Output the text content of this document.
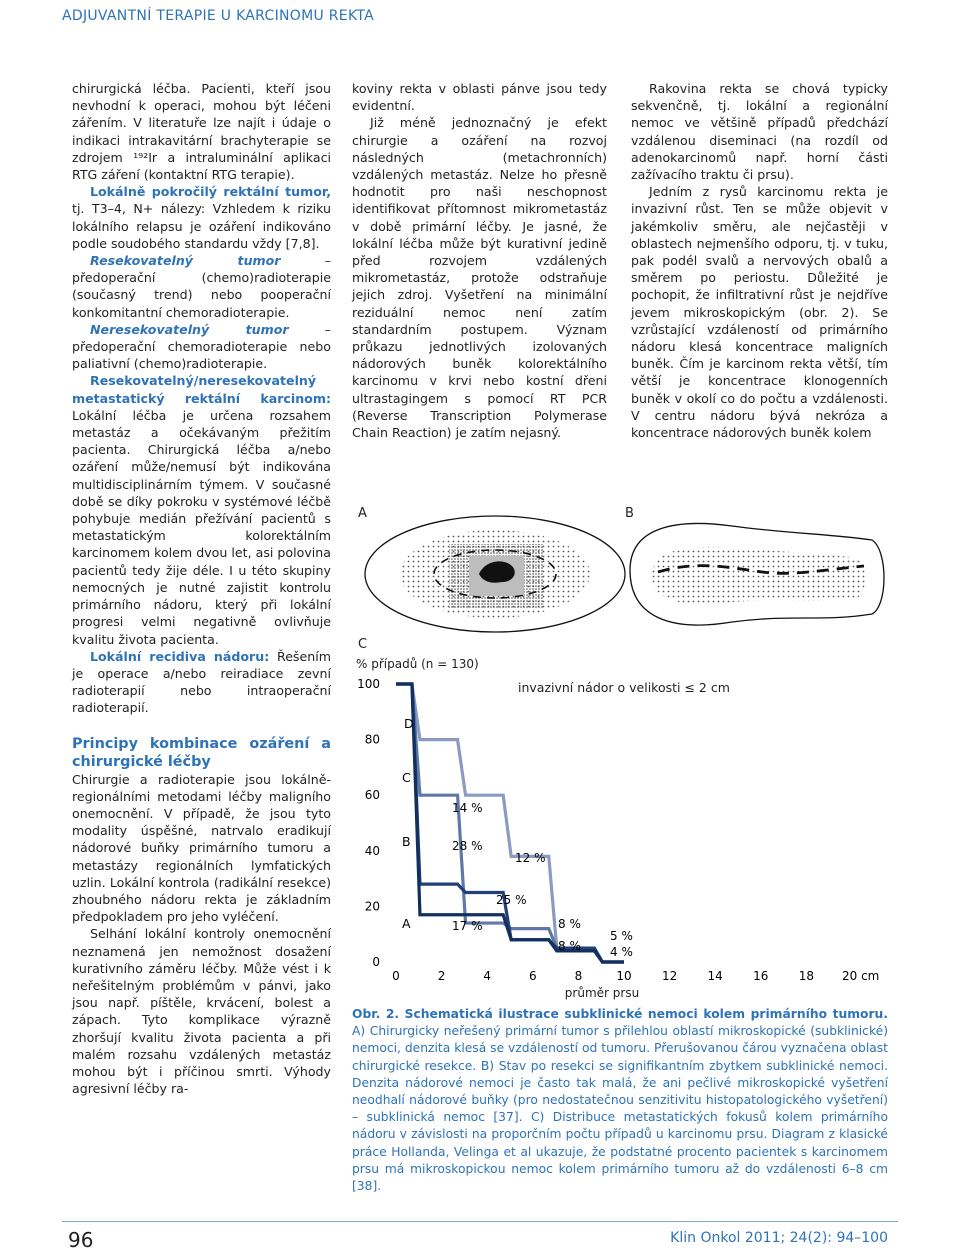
ADJUVANTNÍ TERAPIE U KARCINOMU REKTA

chirurgická léčba. Pacienti, kteří jsou nevhodní k operaci, mohou být léčeni zářením. V literatuře lze najít i údaje o indikaci intrakavitární brachyterapie se zdrojem ¹⁹²Ir a intraluminální aplikaci RTG záření (kontaktní RTG terapie).

Lokálně pokročilý rektální tumor, tj. T3–4, N+ nálezy: Vzhledem k riziku lokálního relapsu je ozáření indikováno podle soudobého standardu vždy [7,8].

Resekovatelný tumor – předoperační (chemo)radioterapie (současný trend) nebo pooperační konkomitantní chemoradioterapie.

Neresekovatelný tumor – předoperační chemoradioterapie nebo paliativní (chemo)radioterapie.

Resekovatelný/neresekovatelný metastatický rektální karcinom: Lokální léčba je určena rozsahem metastáz a očekávaným přežitím pacienta. Chirurgická léčba a/nebo ozáření může/nemusí být indikována multidisciplinárním týmem. V současné době se díky pokroku v systémové léčbě pohybuje medián přežívání pacientů s metastatickým kolorektálním karcinomem kolem dvou let, asi polovina pacientů tedy žije déle. I u této skupiny nemocných je nutné zajistit kontrolu primárního nádoru, který při lokální progresi velmi negativně ovlivňuje kvalitu života pacienta.

Lokální recidiva nádoru: Řešením je operace a/nebo reiradiace zevní radioterapií nebo intraoperační radioterapií.

Principy kombinace ozáření a chirurgické léčby

Chirurgie a radioterapie jsou lokálně-regionálními metodami léčby maligního onemocnění. V případě, že jsou tyto modality úspěšné, natrvalo eradikují nádorové buňky primárního tumoru a metastázy regionálních lymfatických uzlin. Lokální kontrola (radikální resekce) zhoubného nádoru rekta je základním předpokladem pro jeho vyléčení.

Selhání lokální kontroly onemocnění neznamená jen nemožnost dosažení kurativního záměru léčby. Může vést i k neřešitelným problémům v pánvi, jako jsou např. píštěle, krvácení, bolest a zápach. Tyto komplikace výrazně zhoršují kvalitu života pacienta a při malém rozsahu vzdálených metastáz mohou být i příčinou smrti. Výhody agresivní léčby ra-

koviny rekta v oblasti pánve jsou tedy evidentní.

Již méně jednoznačný je efekt chirurgie a ozáření na rozvoj následných (metachronních) vzdálených metastáz. Nelze ho přesně hodnotit pro naši neschopnost identifikovat přítomnost mikrometastáz v době primární léčby. Je jasné, že lokální léčba může být kurativní jedině před rozvojem vzdálených mikrometastáz, protože odstraňuje jejich zdroj. Vyšetření na minimální reziduální nemoc není zatím standardním postupem. Význam průkazu jednotlivých izolovaných nádorových buněk kolorektálního karcinomu v krvi nebo kostní dřeni ultrastagingem s pomocí RT PCR (Reverse Transcription Polymerase Chain Reaction) je zatím nejasný.

Rakovina rekta se chová typicky sekvenčně, tj. lokální a regionální nemoc ve většině případů předchází vzdálenou diseminaci (na rozdíl od adenokarcinomů např. horní části zažívacího traktu či prsu).

Jedním z rysů karcinomu rekta je invazivní růst. Ten se může objevit v jakémkoliv směru, ale nejčastěji v oblastech nejmenšího odporu, tj. v tuku, pak podél svalů a nervových obalů a směrem po periostu. Důležité je pochopit, že infiltrativní růst je nejdříve jevem mikroskopickým (obr. 2). Se vzrůstající vzdáleností od primárního nádoru klesá koncentrace maligních buněk. Čím je karcinom rekta větší, tím větší je koncentrace klonogenních buněk v okolí co do počtu a vzdálenosti. V centru nádoru bývá nekróza a koncentrace nádorových buněk kolem

A	B
C
% případů (n = 130)
invazivní nádor o velikosti ≤ 2 cm
průměr prsu
0
20
40
60
80
100
0	2	4	6	8	10	12	14	16	18 20 cm
14 %
28 %
12 %
25 %
17 %	8 %
8 %
5 %
4 %
D
C
B
A
Obr. 2. Schematická ilustrace subklinické nemoci kolem primárního tumoru. A) Chirurgicky neřešený primární tumor s přilehlou oblastí mikroskopické (subklinické) nemoci, denzita klesá se vzdáleností od tumoru. Přerušovanou čárou vyznačena oblast chirurgické resekce. B) Stav po resekci se signifikantním zbytkem subklinické nemoci. Denzita nádorové nemoci je často tak malá, že ani pečlivé mikroskopické vyšetření neodhalí nádorové buňky (pro nedostatečnou senzitivitu histopatologického vyšetření) – subklinická nemoc [37]. C) Distribuce metastatických fokusů kolem primárního nádoru v závislosti na proporčním počtu případů u karcinomu prsu. Diagram z klasické práce Hollanda, Velinga et al ukazuje, že podstatné procento pacientek s karcinomem prsu má mikroskopickou nemoc kolem primárního tumoru až do vzdálenosti 6–8 cm [38].
96	Klin Onkol 2011; 24(2): 94–100
